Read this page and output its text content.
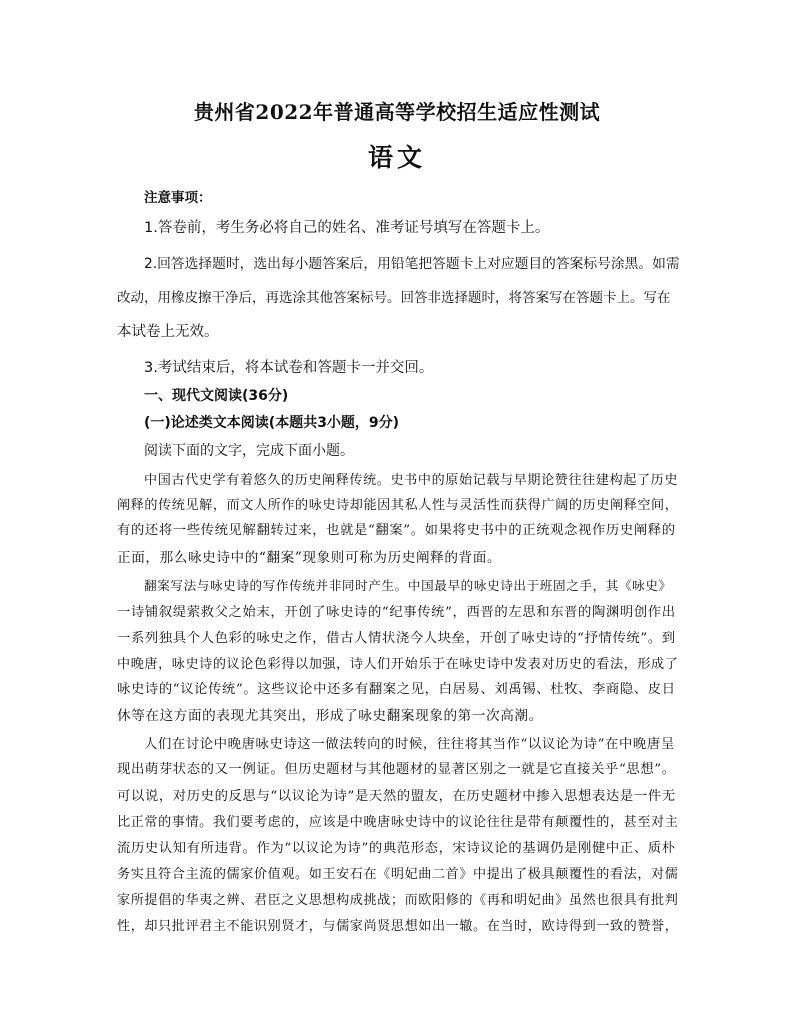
贵州省2022年普通高等学校招生适应性测试
语文
注意事项：
1.答卷前，考生务必将自己的姓名、准考证号填写在答题卡上。
2.回答选择题时，选出每小题答案后，用铅笔把答题卡上对应题目的答案标号涂黑。如需
改动，用橡皮擦干净后，再选涂其他答案标号。回答非选择题时，将答案写在答题卡上。写在
本试卷上无效。
3.考试结束后，将本试卷和答题卡一并交回。
一、现代文阅读(36分)
(一)论述类文本阅读(本题共3小题，9分)
阅读下面的文字，完成下面小题。
中国古代史学有着悠久的历史阐释传统。史书中的原始记载与早期论赞往往建构起了历史
阐释的传统见解，而文人所作的咏史诗却能因其私人性与灵活性而获得广阔的历史阐释空间，
有的还将一些传统见解翻转过来，也就是“翻案”。如果将史书中的正统观念视作历史阐释的
正面，那么咏史诗中的“翻案”现象则可称为历史阐释的背面。
翻案写法与咏史诗的写作传统并非同时产生。中国最早的咏史诗出于班固之手，其《咏史》
一诗铺叙缇萦救父之始末，开创了咏史诗的“纪事传统”，西晋的左思和东晋的陶渊明创作出
一系列独具个人色彩的咏史之作，借古人情状浇今人块垒，开创了咏史诗的“抒情传统”。到
中晚唐，咏史诗的议论色彩得以加强，诗人们开始乐于在咏史诗中发表对历史的看法，形成了
咏史诗的“议论传统”。这些议论中还多有翻案之见，白居易、刘禹锡、杜牧、李商隐、皮日
休等在这方面的表现尤其突出，形成了咏史翻案现象的第一次高潮。
人们在讨论中晚唐咏史诗这一做法转向的时候，往往将其当作“以议论为诗”在中晚唐呈
现出萌芽状态的又一例证。但历史题材与其他题材的显著区别之一就是它直接关乎“思想”。
可以说，对历史的反思与“以议论为诗”是天然的盟友，在历史题材中掺入思想表达是一件无
比正常的事情。我们要考虑的，应该是中晚唐咏史诗中的议论往往是带有颠覆性的，甚至对主
流历史认知有所违背。作为“以议论为诗”的典范形态，宋诗议论的基调仍是刚健中正、质朴
务实且符合主流的儒家价值观。如王安石在《明妃曲二首》中提出了极具颠覆性的看法，对儒
家所提倡的华夷之辨、君臣之义思想构成挑战；而欧阳修的《再和明妃曲》虽然也很具有批判
性，却只批评君主不能识别贤才，与儒家尚贤思想如出一辙。在当时，欧诗得到一致的赞誉，
